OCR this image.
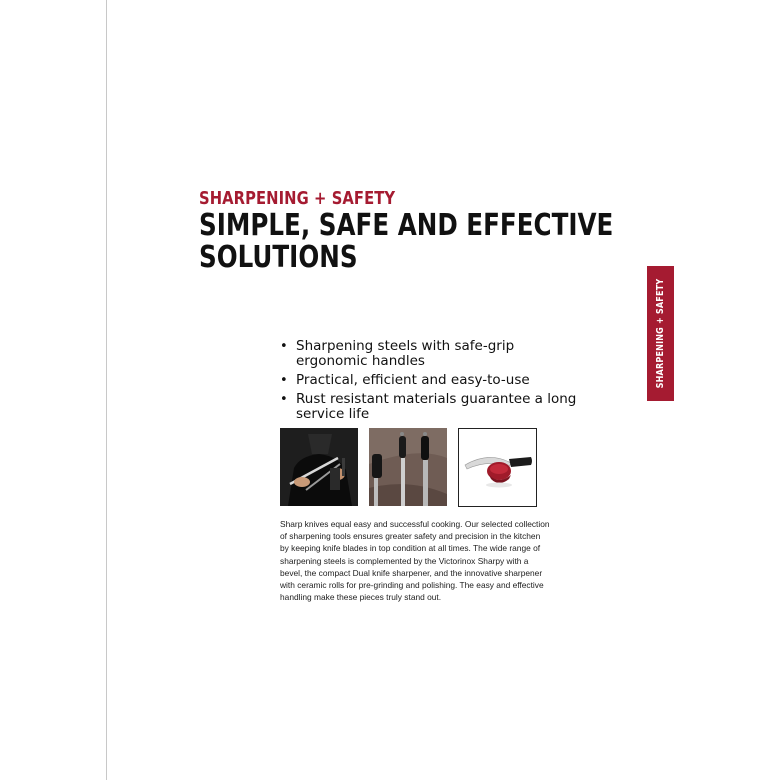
SHARPENING + SAFETY
SIMPLE, SAFE AND EFFECTIVE
SOLUTIONS
SHARPENING + SAFETY
• Sharpening steels with safe-grip ergonomic handles
• Practical, efficient and easy-to-use
• Rust resistant materials guarantee a long service life

Sharp knives equal easy and successful cooking. Our selected collection of sharpening tools ensures greater safety and precision in the kitchen by keeping knife blades in top condition at all times. The wide range of sharpening steels is complemented by the Victorinox Sharpy with a bevel, the compact Dual knife sharpener, and the innovative sharpener with ceramic rolls for pre-grinding and polishing. The easy and effective handling make these pieces truly stand out.
